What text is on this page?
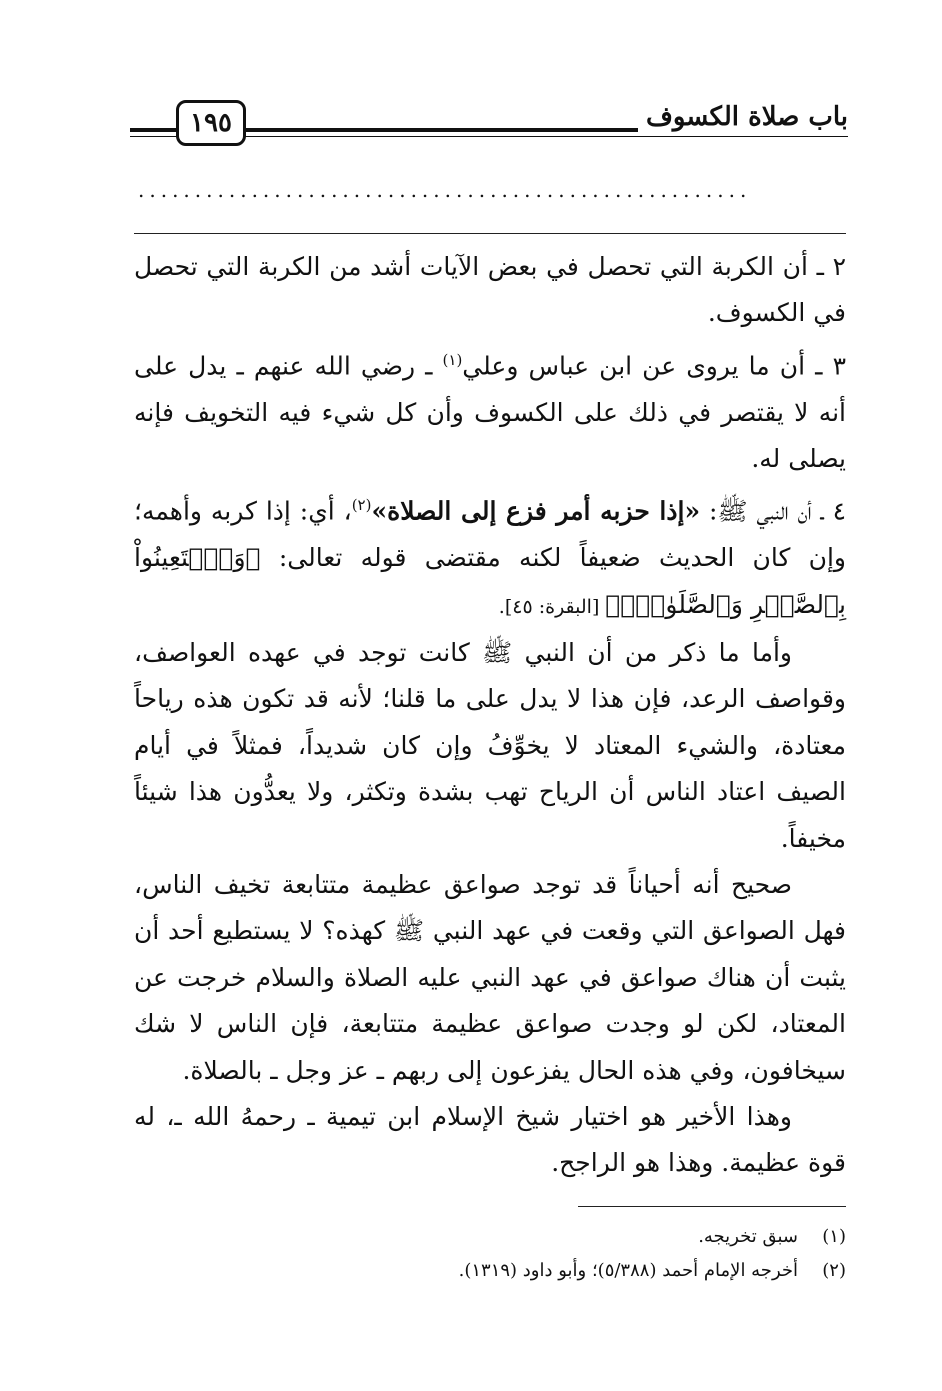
١٩٥	باب صلاة الكسوف
......................................................

٢ ـ أن الكربة التي تحصل في بعض الآيات أشد من الكربة التي تحصل في الكسوف.

٣ ـ أن ما يروى عن ابن عباس وعلي$^{(١)}$ ـ رضي الله عنهم ـ يدل على أنه لا يقتصر في ذلك على الكسوف وأن كل شيء فيه التخويف فإنه يصلى له.

٤ ـ أن النبي ﷺ: «إذا حزبه أمر فزع إلى الصلاة»$^{(٢)}$، أي: إذا كربه وأهمه؛ وإن كان الحديث ضعيفاً لكنه مقتضى قوله تعالى: ﴿وَٱسۡتَعِينُواْ بِٱلصَّبۡرِ وَٱلصَّلَوٰةِۚ﴾ [البقرة: ٤٥].

وأما ما ذكر من أن النبي ﷺ كانت توجد في عهده العواصف، وقواصف الرعد، فإن هذا لا يدل على ما قلنا؛ لأنه قد تكون هذه رياحاً معتادة، والشيء المعتاد لا يخوِّفُ وإن كان شديداً، فمثلاً في أيام الصيف اعتاد الناس أن الرياح تهب بشدة وتكثر، ولا يعدُّون هذا شيئاً مخيفاً.

صحيح أنه أحياناً قد توجد صواعق عظيمة متتابعة تخيف الناس، فهل الصواعق التي وقعت في عهد النبي ﷺ كهذه؟ لا يستطيع أحد أن يثبت أن هناك صواعق في عهد النبي عليه الصلاة والسلام خرجت عن المعتاد، لكن لو وجدت صواعق عظيمة متتابعة، فإن الناس لا شك سيخافون، وفي هذه الحال يفزعون إلى ربهم ـ عز وجل ـ بالصلاة.

وهذا الأخير هو اختيار شيخ الإسلام ابن تيمية ـ رحمهُ الله ـ، له قوة عظيمة. وهذا هو الراجح.

(١)سبق تخريجه.

(٢)أخرجه الإمام أحمد (٥/٣٨٨)؛ وأبو داود (١٣١٩).
